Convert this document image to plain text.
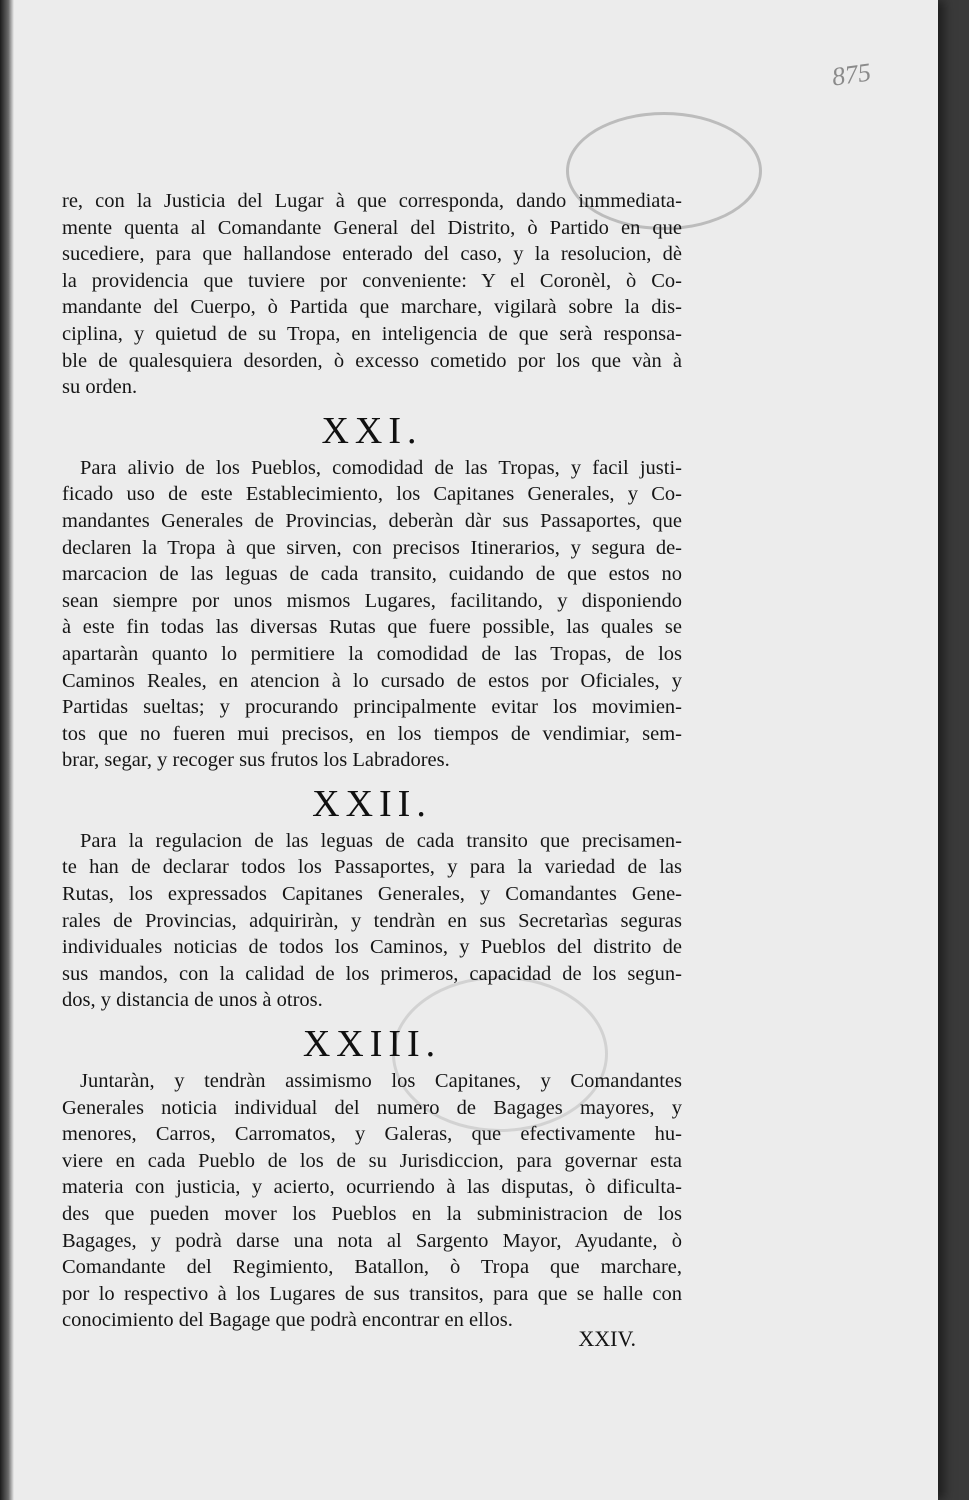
875
re, con la Justicia del Lugar à que corresponda, dando inmmediata-
mente quenta al Comandante General del Distrito, ò Partido en que
sucediere, para que hallandose enterado del caso, y la resolucion, dè
la providencia que tuviere por conveniente: Y el Coronèl, ò Co-
mandante del Cuerpo, ò Partida que marchare, vigilarà sobre la dis-
ciplina, y quietud de su Tropa, en inteligencia de que serà responsa-
ble de qualesquiera desorden, ò excesso cometido por los que vàn à
su orden.
XXI.
Para alivio de los Pueblos, comodidad de las Tropas, y facil justi-
ficado uso de este Establecimiento, los Capitanes Generales, y Co-
mandantes Generales de Provincias, deberàn dàr sus Passaportes, que
declaren la Tropa à que sirven, con precisos Itinerarios, y segura de-
marcacion de las leguas de cada transito, cuidando de que estos no
sean siempre por unos mismos Lugares, facilitando, y disponiendo
à este fin todas las diversas Rutas que fuere possible, las quales se
apartaràn quanto lo permitiere la comodidad de las Tropas, de los
Caminos Reales, en atencion à lo cursado de estos por Oficiales, y
Partidas sueltas; y procurando principalmente evitar los movimien-
tos que no fueren mui precisos, en los tiempos de vendimiar, sem-
brar, segar, y recoger sus frutos los Labradores.
XXII.
Para la regulacion de las leguas de cada transito que precisamen-
te han de declarar todos los Passaportes, y para la variedad de las
Rutas, los expressados Capitanes Generales, y Comandantes Gene-
rales de Provincias, adquiriràn, y tendràn en sus Secretarìas seguras
individuales noticias de todos los Caminos, y Pueblos del distrito de
sus mandos, con la calidad de los primeros, capacidad de los segun-
dos, y distancia de unos à otros.
XXIII.
Juntaràn, y tendràn assimismo los Capitanes, y Comandantes
Generales noticia individual del numero de Bagages mayores, y
menores, Carros, Carromatos, y Galeras, que efectivamente hu-
viere en cada Pueblo de los de su Jurisdiccion, para governar esta
materia con justicia, y acierto, ocurriendo à las disputas, ò dificulta-
des que pueden mover los Pueblos en la subministracion de los
Bagages, y podrà darse una nota al Sargento Mayor, Ayudante, ò
Comandante del Regimiento, Batallon, ò Tropa que marchare,
por lo respectivo à los Lugares de sus transitos, para que se halle con
conocimiento del Bagage que podrà encontrar en ellos.
XXIV.
